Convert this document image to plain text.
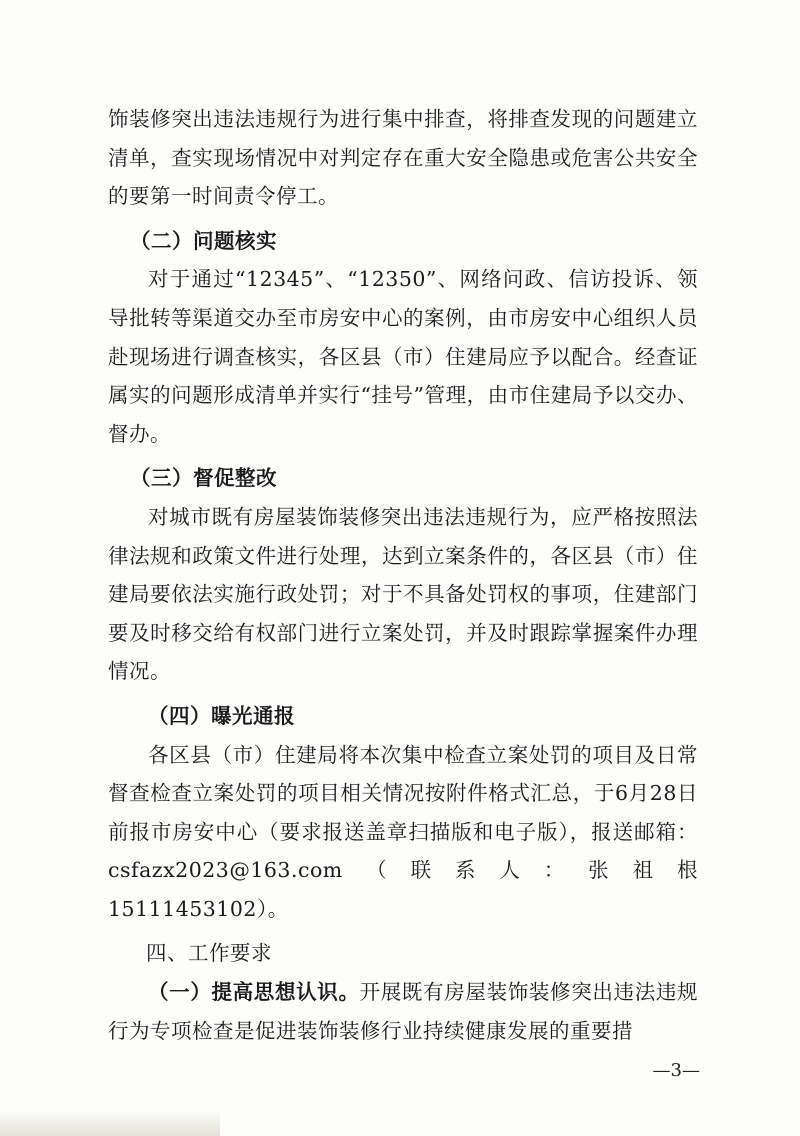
饰装修突出违法违规行为进行集中排查，将排查发现的问题建立清单，查实现场情况中对判定存在重大安全隐患或危害公共安全的要第一时间责令停工。

（二）问题核实

对于通过“12345”、“12350”、网络问政、信访投诉、领导批转等渠道交办至市房安中心的案例，由市房安中心组织人员赴现场进行调查核实，各区县（市）住建局应予以配合。经查证属实的问题形成清单并实行“挂号”管理，由市住建局予以交办、督办。

（三）督促整改

对城市既有房屋装饰装修突出违法违规行为，应严格按照法律法规和政策文件进行处理，达到立案条件的，各区县（市）住建局要依法实施行政处罚；对于不具备处罚权的事项，住建部门要及时移交给有权部门进行立案处罚，并及时跟踪掌握案件办理情况。

（四）曝光通报

各区县（市）住建局将本次集中检查立案处罚的项目及日常督查检查立案处罚的项目相关情况按附件格式汇总，于6月28日前报市房安中心（要求报送盖章扫描版和电子版），报送邮箱：csfazx2023@163.com（联系人：张祖根 15111453102）。

四、工作要求

（一）提高思想认识。开展既有房屋装饰装修突出违法违规行为专项检查是促进装饰装修行业持续健康发展的重要措

—3—
